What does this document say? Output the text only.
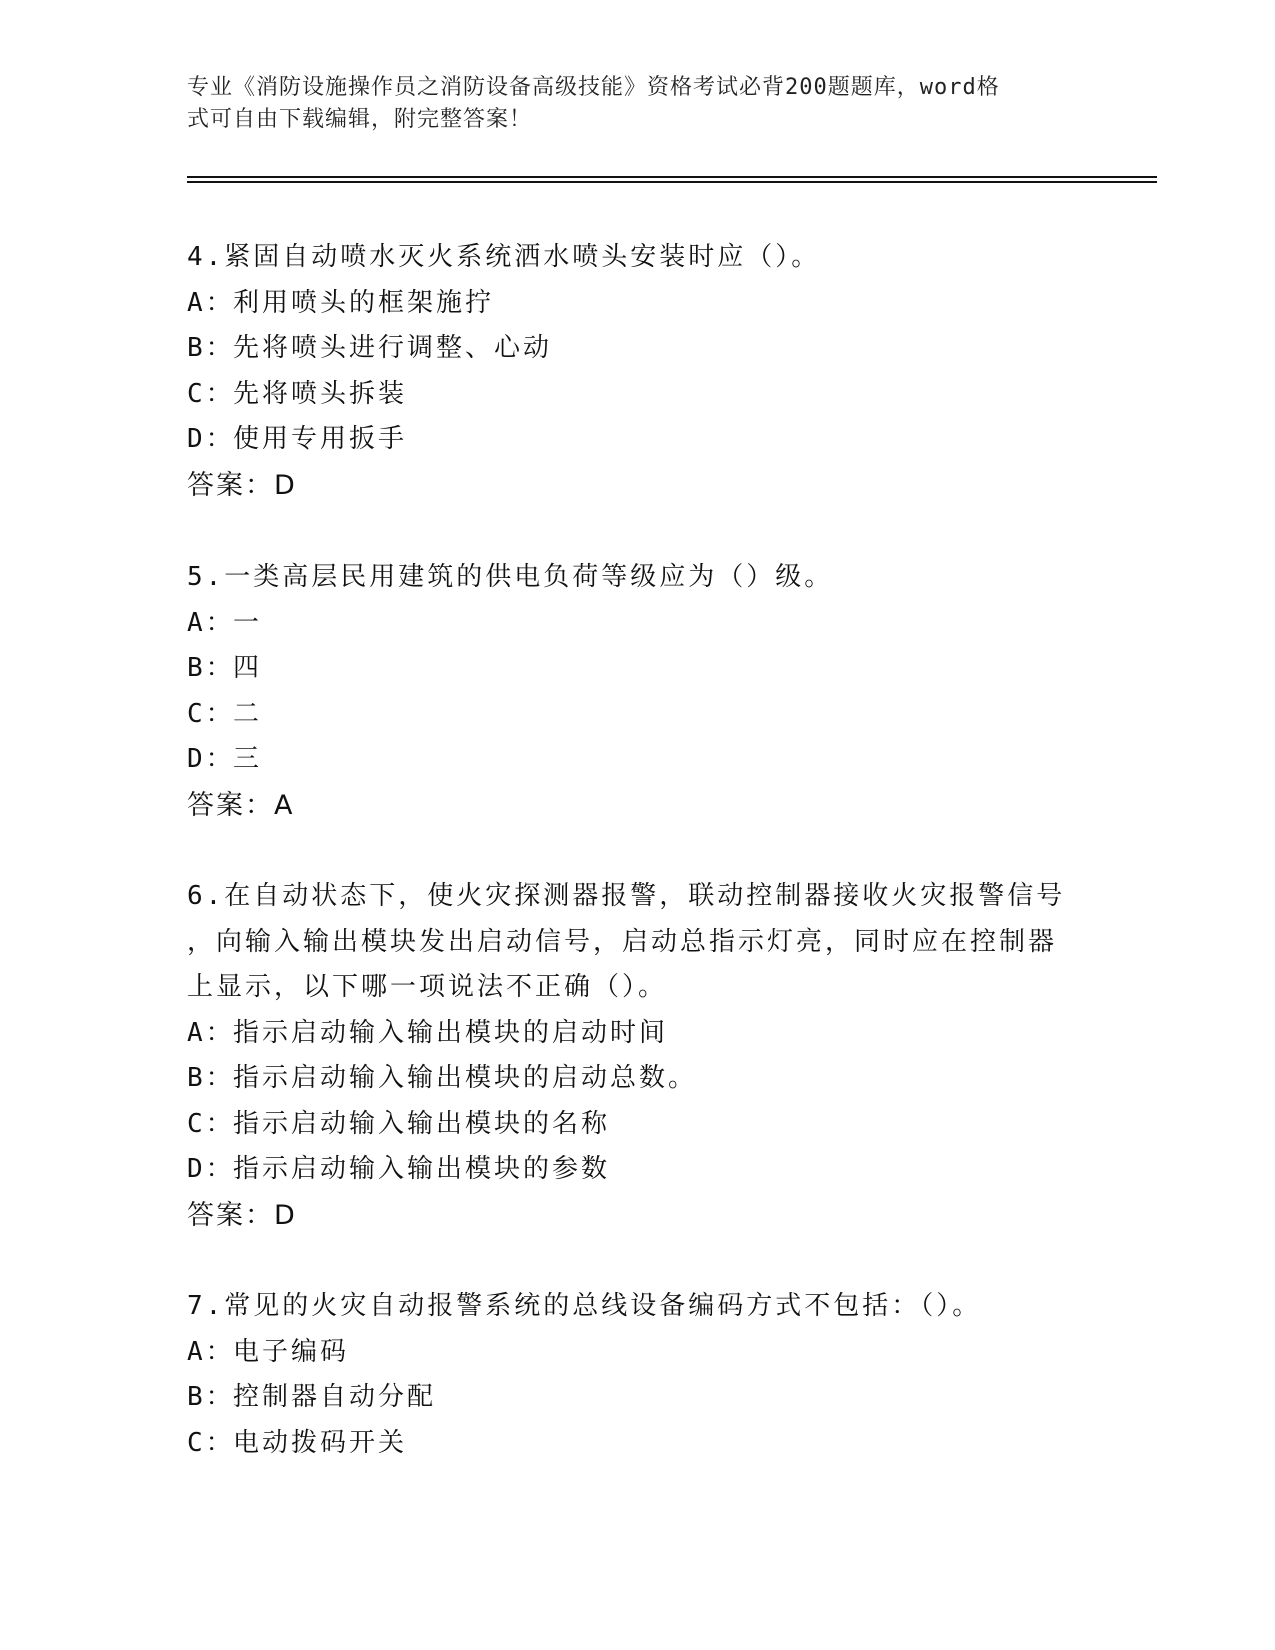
专业《消防设施操作员之消防设备高级技能》资格考试必背200题题库，word格
式可自由下载编辑，附完整答案！
4.紧固自动喷水灭火系统洒水喷头安装时应（）。
A：利用喷头的框架施拧
B：先将喷头进行调整、心动
C：先将喷头拆装
D：使用专用扳手
答案：D
5.一类高层民用建筑的供电负荷等级应为（）级。
A：一
B：四
C：二
D：三
答案：A
6.在自动状态下，使火灾探测器报警，联动控制器接收火灾报警信号
，向输入输出模块发出启动信号，启动总指示灯亮，同时应在控制器
上显示，以下哪一项说法不正确（）。
A：指示启动输入输出模块的启动时间
B：指示启动输入输出模块的启动总数。
C：指示启动输入输出模块的名称
D：指示启动输入输出模块的参数
答案：D
7.常见的火灾自动报警系统的总线设备编码方式不包括：（）。
A：电子编码
B：控制器自动分配
C：电动拨码开关
